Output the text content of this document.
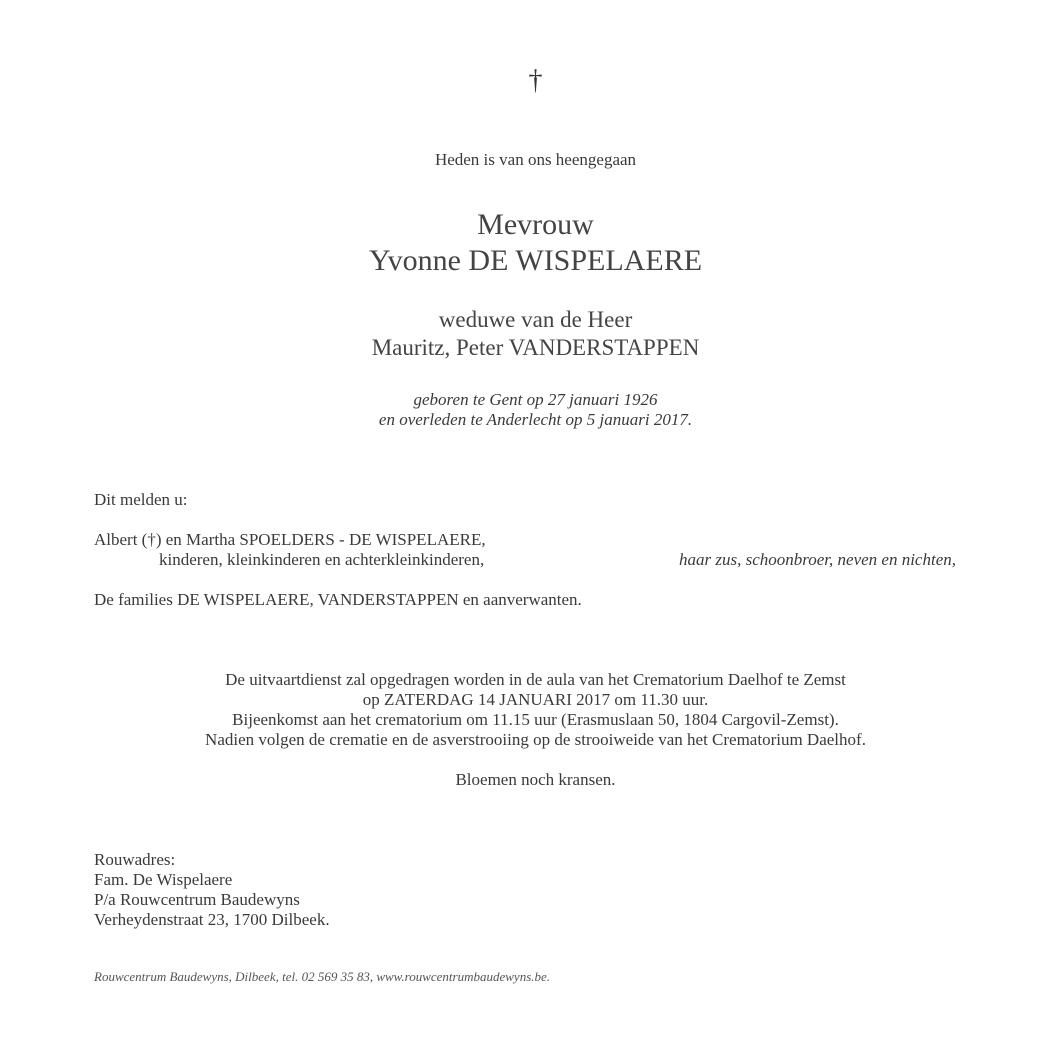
†
Heden is van ons heengegaan
Mevrouw
Yvonne DE WISPELAERE
weduwe van de Heer
Mauritz, Peter VANDERSTAPPEN
geboren te Gent op 27 januari 1926
en overleden te Anderlecht op 5 januari 2017.
Dit melden u:
Albert (†) en Martha SPOELDERS - DE WISPELAERE,
kinderen, kleinkinderen en achterkleinkinderen,	haar zus, schoonbroer, neven en nichten,
De families DE WISPELAERE, VANDERSTAPPEN en aanverwanten.
De uitvaartdienst zal opgedragen worden in de aula van het Crematorium Daelhof te Zemst
op ZATERDAG 14 JANUARI 2017 om 11.30 uur.
Bijeenkomst aan het crematorium om 11.15 uur (Erasmuslaan 50, 1804 Cargovil-Zemst).
Nadien volgen de crematie en de asverstrooiing op de strooiweide van het Crematorium Daelhof.
Bloemen noch kransen.
Rouwadres:
Fam. De Wispelaere
P/a Rouwcentrum Baudewyns
Verheydenstraat 23, 1700 Dilbeek.
Rouwcentrum Baudewyns, Dilbeek, tel. 02 569 35 83, www.rouwcentrumbaudewyns.be.
